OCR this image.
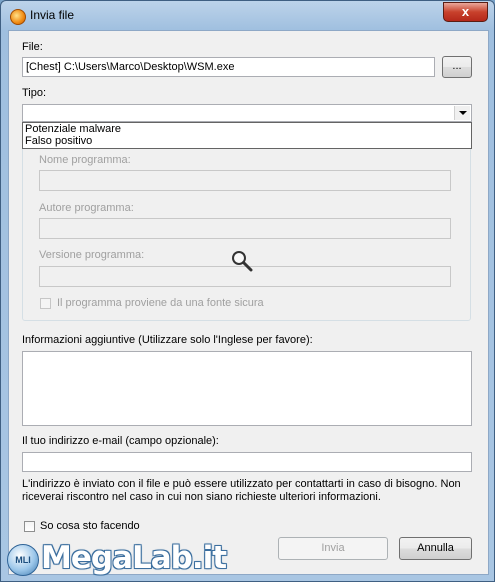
Invia file	x
File:
[Chest] C:\Users\Marco\Desktop\WSM.exe	...
Tipo:
Potenziale malware
Falso positivo
Nome programma:
Autore programma:
Versione programma:
Il programma proviene da una fonte sicura
Informazioni aggiuntive (Utilizzare solo l'Inglese per favore):
Il tuo indirizzo e-mail (campo opzionale):
L'indirizzo è inviato con il file e può essere utilizzato per contattarti in caso di bisogno. Non riceverai riscontro nel caso in cui non siano richieste ulteriori informazioni.
So cosa sto facendo
Invia	Annulla
MLI MegaLab.it
